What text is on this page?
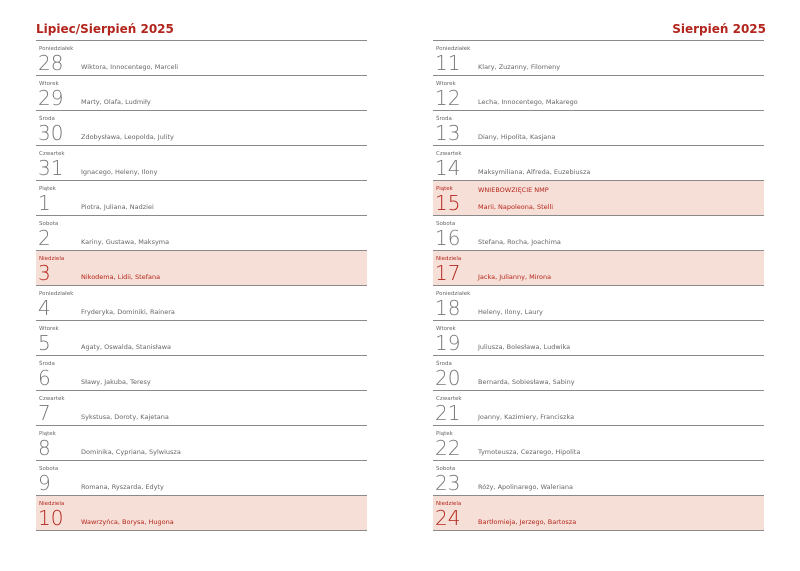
Lipiec/Sierpień 2025
Poniedziałek
28	Wiktora, Innocentego, Marceli
Wtorek
29	Marty, Olafa, Ludmiły
Środa
30	Zdobysława, Leopolda, Julity
Czwartek
31	Ignacego, Heleny, Ilony
Piątek
1	Piotra, Juliana, Nadziei
Sobota
2	Kariny, Gustawa, Maksyma
Niedziela
3	Nikodema, Lidii, Stefana
Poniedziałek
4	Fryderyka, Dominiki, Rainera
Wtorek
5	Agaty, Oswalda, Stanisława
Środa
6	Sławy, Jakuba, Teresy
Czwartek
7	Sykstusa, Doroty, Kajetana
Piątek
8	Dominika, Cypriana, Sylwiusza
Sobota
9	Romana, Ryszarda, Edyty
Niedziela
10	Wawrzyńca, Borysa, Hugona
Sierpień 2025
Poniedziałek
11	Klary, Zuzanny, Filomeny
Wtorek
12	Lecha, Innocentego, Makarego
Środa
13	Diany, Hipolita, Kasjana
Czwartek
14	Maksymiliana, Alfreda, Euzebiusza
Piątek
15
WNIEBOWZIĘCIE NMP
Marii, Napoleona, Stelli
Sobota
16	Stefana, Rocha, Joachima
Niedziela
17	Jacka, Julianny, Mirona
Poniedziałek
18	Heleny, Ilony, Laury
Wtorek
19	Juliusza, Bolesława, Ludwika
Środa
20	Bernarda, Sobiesława, Sabiny
Czwartek
21	Joanny, Kazimiery, Franciszka
Piątek
22	Tymoteusza, Cezarego, Hipolita
Sobota
23	Róży, Apolinarego, Waleriana
Niedziela
24	Bartłomieja, Jerzego, Bartosza
